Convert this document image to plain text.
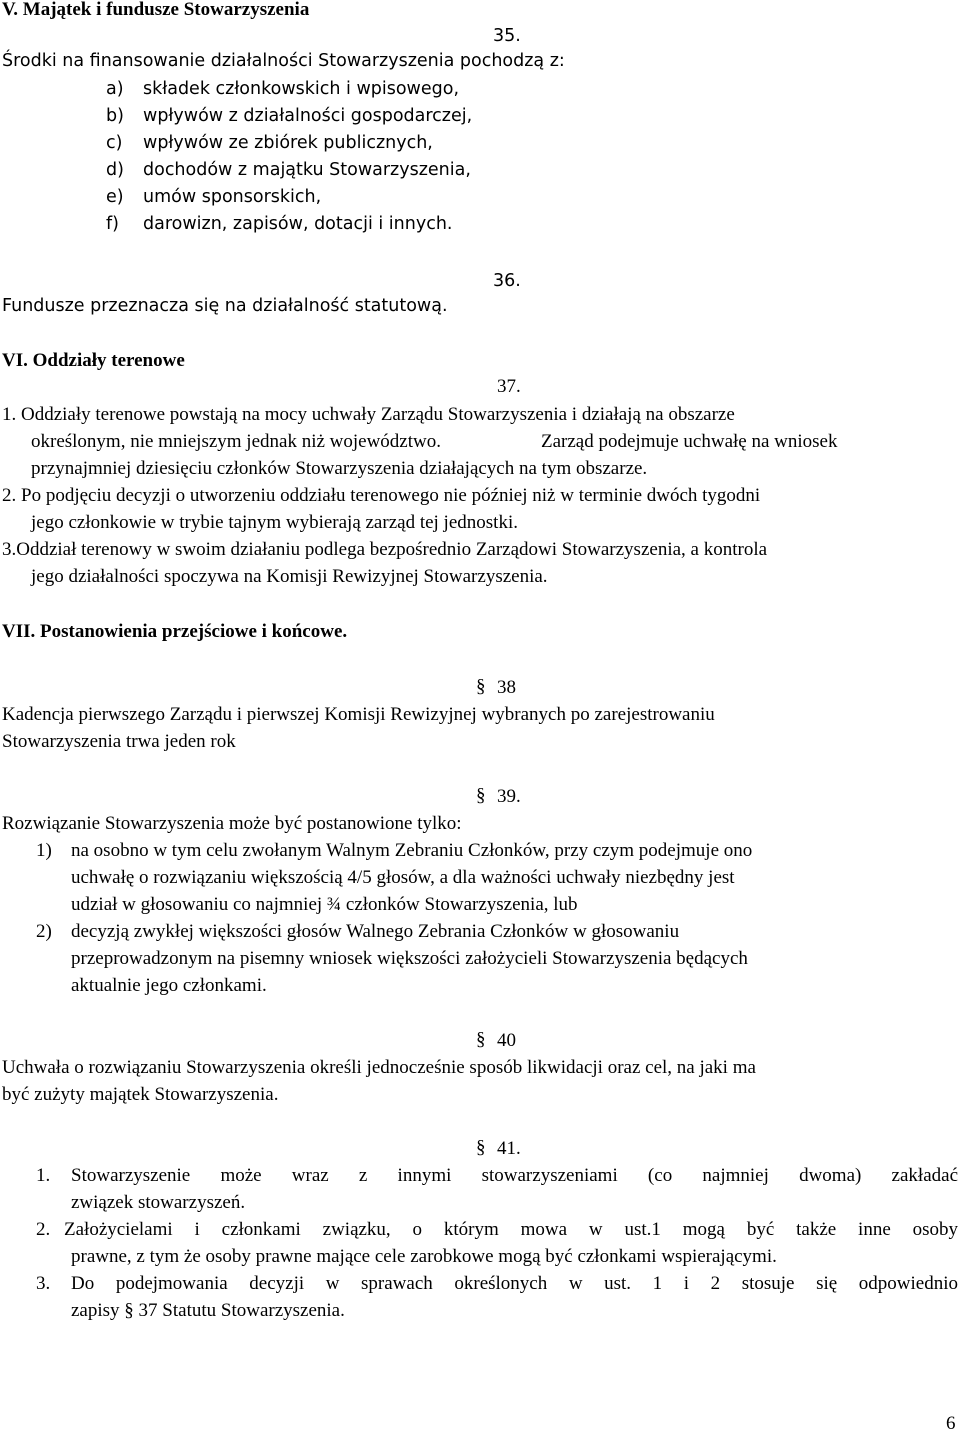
V. Majątek i fundusze Stowarzyszenia
35.
Środki na finansowanie działalności Stowarzyszenia pochodzą z:
a) składek członkowskich i wpisowego,
b) wpływów z działalności gospodarczej,
c) wpływów ze zbiórek publicznych,
d) dochodów z majątku Stowarzyszenia,
e) umów sponsorskich,
f) darowizn, zapisów, dotacji i innych.
36.
Fundusze przeznacza się na działalność statutową.
VI. Oddziały terenowe
37.
1. Oddziały terenowe powstają na mocy uchwały Zarządu Stowarzyszenia i działają na obszarze
określonym, nie mniejszym jednak niż województwo.	Zarząd podejmuje uchwałę na wniosek
przynajmniej dziesięciu członków Stowarzyszenia działających na tym obszarze.
2. Po podjęciu decyzji o utworzeniu oddziału terenowego nie później niż w terminie dwóch tygodni
jego członkowie w trybie tajnym wybierają zarząd tej jednostki.
3.Oddział terenowy w swoim działaniu podlega bezpośrednio Zarządowi Stowarzyszenia, a kontrola
jego działalności spoczywa na Komisji Rewizyjnej Stowarzyszenia.
VII. Postanowienia przejściowe i końcowe.
§ 38
Kadencja pierwszego Zarządu i pierwszej Komisji Rewizyjnej wybranych po zarejestrowaniu
Stowarzyszenia trwa jeden rok
§ 39.
Rozwiązanie Stowarzyszenia może być postanowione tylko:
1) na osobno w tym celu zwołanym Walnym Zebraniu Członków, przy czym podejmuje ono
uchwałę o rozwiązaniu większością 4/5 głosów, a dla ważności uchwały niezbędny jest
udział w głosowaniu co najmniej ¾ członków Stowarzyszenia, lub
2) decyzją zwykłej większości głosów Walnego Zebrania Członków w głosowaniu
przeprowadzonym na pisemny wniosek większości założycieli Stowarzyszenia będących
aktualnie jego członkami.
§ 40
Uchwała o rozwiązaniu Stowarzyszenia określi jednocześnie sposób likwidacji oraz cel, na jaki ma
być zużyty majątek Stowarzyszenia.
§ 41.
1. Stowarzyszenie może wraz z innymi stowarzyszeniami (co najmniej dwoma) zakładać
związek stowarzyszeń.
2. Założycielami i członkami związku, o którym mowa w ust.1 mogą być także inne osoby
prawne, z tym że osoby prawne mające cele zarobkowe mogą być członkami wspierającymi.
3. Do podejmowania decyzji w sprawach określonych w ust. 1 i 2 stosuje się odpowiednio
zapisy § 37 Statutu Stowarzyszenia.
6
